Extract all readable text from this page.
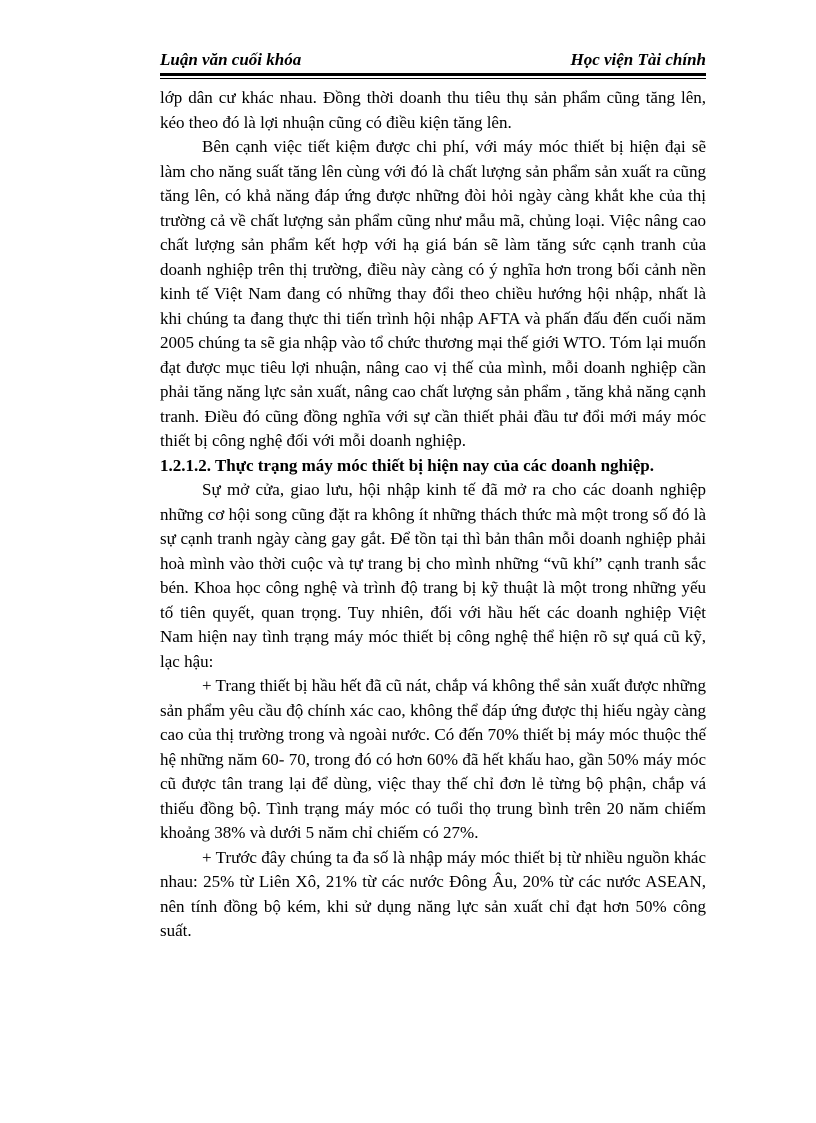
Luận văn cuối khóa	Học viện Tài chính

lớp dân cư khác nhau. Đồng thời doanh thu tiêu thụ sản phẩm cũng tăng lên, kéo theo đó là lợi nhuận cũng có điều kiện tăng lên.

Bên cạnh việc tiết kiệm được chi phí, với máy móc thiết bị hiện đại sẽ làm cho năng suất tăng lên cùng với đó là chất lượng sản phẩm sản xuất ra cũng tăng lên, có khả năng đáp ứng được những đòi hỏi ngày càng khắt khe của thị trường cả về chất lượng sản phẩm cũng như mẫu mã, chủng loại. Việc nâng cao chất lượng sản phẩm kết hợp với hạ giá bán sẽ làm tăng sức cạnh tranh của doanh nghiệp trên thị trường, điều này càng có ý nghĩa hơn trong bối cảnh nền kinh tế Việt Nam đang có những thay đổi theo chiều hướng hội nhập, nhất là khi chúng ta đang thực thi tiến trình hội nhập AFTA và phấn đấu đến cuối năm 2005 chúng ta sẽ gia nhập vào tổ chức thương mại thế giới WTO. Tóm lại muốn đạt được mục tiêu lợi nhuận, nâng cao vị thế của mình, mỗi doanh nghiệp cần phải tăng năng lực sản xuất, nâng cao chất lượng sản phẩm , tăng khả năng cạnh tranh. Điều đó cũng đồng nghĩa với sự cần thiết phải đầu tư đổi mới máy móc thiết bị công nghệ đối với mỗi doanh nghiệp.

1.2.1.2. Thực trạng máy móc thiết bị hiện nay của các doanh nghiệp.

Sự mở cửa, giao lưu, hội nhập kinh tế đã mở ra cho các doanh nghiệp những cơ hội song cũng đặt ra không ít những thách thức mà một trong số đó là sự cạnh tranh ngày càng gay gắt. Để tồn tại thì bản thân mỗi doanh nghiệp phải hoà mình vào thời cuộc và tự trang bị cho mình những “vũ khí” cạnh tranh sắc bén. Khoa học công nghệ và trình độ trang bị kỹ thuật là một trong những yếu tố tiên quyết, quan trọng. Tuy nhiên, đối với hầu hết các doanh nghiệp Việt Nam hiện nay tình trạng máy móc thiết bị công nghệ thể hiện rõ sự quá cũ kỹ, lạc hậu:

+ Trang thiết bị hầu hết đã cũ nát, chắp vá không thể sản xuất được những sản phẩm yêu cầu độ chính xác cao, không thể đáp ứng được thị hiếu ngày càng cao của thị trường trong và ngoài nước. Có đến 70% thiết bị máy móc thuộc thế hệ những năm 60- 70, trong đó có hơn 60% đã hết khấu hao, gần 50% máy móc cũ được tân trang lại để dùng, việc thay thế chỉ đơn lẻ từng bộ phận, chắp vá thiếu đồng bộ. Tình trạng máy móc có tuổi thọ trung bình trên 20 năm chiếm khoảng 38% và dưới 5 năm chỉ chiếm có 27%.

+ Trước đây chúng ta đa số là nhập máy móc thiết bị từ nhiều nguồn khác nhau: 25% từ Liên Xô, 21% từ các nước Đông Âu, 20% từ các nước ASEAN, nên tính đồng bộ kém, khi sử dụng năng lực sản xuất chỉ đạt hơn 50% công suất.
